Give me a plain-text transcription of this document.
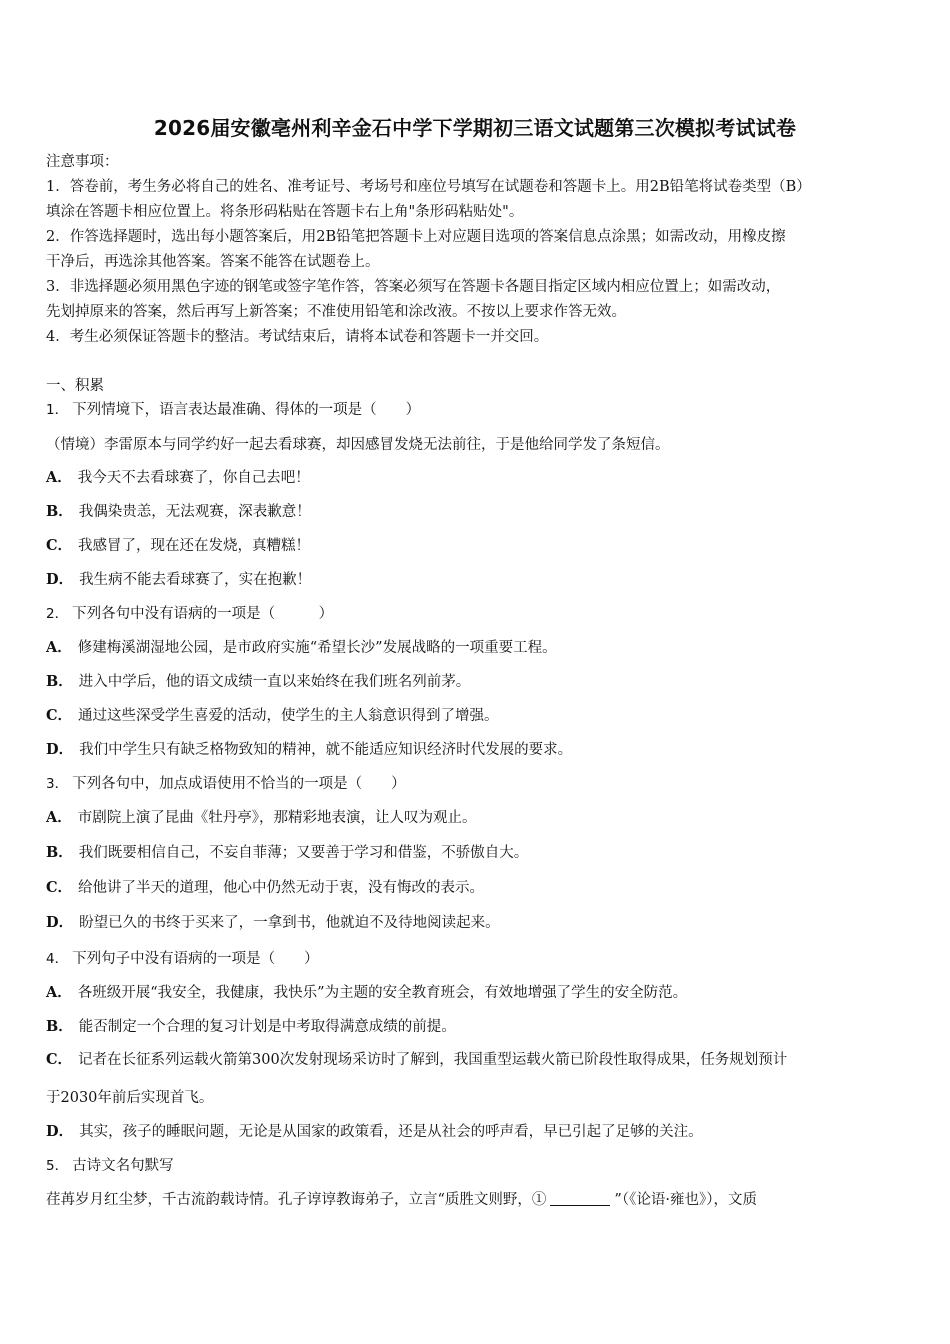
2026届安徽亳州利辛金石中学下学期初三语文试题第三次模拟考试试卷
注意事项：
1．答卷前，考生务必将自己的姓名、准考证号、考场号和座位号填写在试题卷和答题卡上。用2B铅笔将试卷类型（B）
填涂在答题卡相应位置上。将条形码粘贴在答题卡右上角"条形码粘贴处"。
2．作答选择题时，选出每小题答案后，用2B铅笔把答题卡上对应题目选项的答案信息点涂黑；如需改动，用橡皮擦
干净后，再选涂其他答案。答案不能答在试题卷上。
3．非选择题必须用黑色字迹的钢笔或签字笔作答，答案必须写在答题卡各题目指定区域内相应位置上；如需改动，
先划掉原来的答案，然后再写上新答案；不准使用铅笔和涂改液。不按以上要求作答无效。
4．考生必须保证答题卡的整洁。考试结束后，请将本试卷和答题卡一并交回。
一、积累
1． 下列情境下，语言表达最准确、得体的一项是（　　）
（情境）李雷原本与同学约好一起去看球赛，却因感冒发烧无法前往，于是他给同学发了条短信。
A． 我今天不去看球赛了，你自己去吧！
B． 我偶染贵恙，无法观赛，深表歉意！
C． 我感冒了，现在还在发烧，真糟糕！
D． 我生病不能去看球赛了，实在抱歉！
2． 下列各句中没有语病的一项是（　　　）
A． 修建梅溪湖湿地公园，是市政府实施“希望长沙”发展战略的一项重要工程。
B． 进入中学后，他的语文成绩一直以来始终在我们班名列前茅。
C． 通过这些深受学生喜爱的活动，使学生的主人翁意识得到了增强。
D． 我们中学生只有缺乏格物致知的精神，就不能适应知识经济时代发展的要求。
3． 下列各句中，加点成语使用不恰当的一项是（　　）
A． 市剧院上演了昆曲《牡丹亭》，那精彩地表演，让人叹为观止。
B． 我们既要相信自己，不妄自菲薄；又要善于学习和借鉴，不骄傲自大。
C． 给他讲了半天的道理，他心中仍然无动于衷，没有悔改的表示。
D． 盼望已久的书终于买来了，一拿到书，他就迫不及待地阅读起来。
4． 下列句子中没有语病的一项是（　　）
A． 各班级开展“我安全，我健康，我快乐”为主题的安全教育班会，有效地增强了学生的安全防范。
B． 能否制定一个合理的复习计划是中考取得满意成绩的前提。
C． 记者在长征系列运载火箭第300次发射现场采访时了解到，我国重型运载火箭已阶段性取得成果，任务规划预计
于2030年前后实现首飞。
D． 其实，孩子的睡眠问题，无论是从国家的政策看，还是从社会的呼声看，早已引起了足够的关注。
5． 古诗文名句默写
荏苒岁月红尘梦，千古流韵载诗情。孔子谆谆教诲弟子，立言“质胜文则野，①	”（《论语·雍也》），文质
